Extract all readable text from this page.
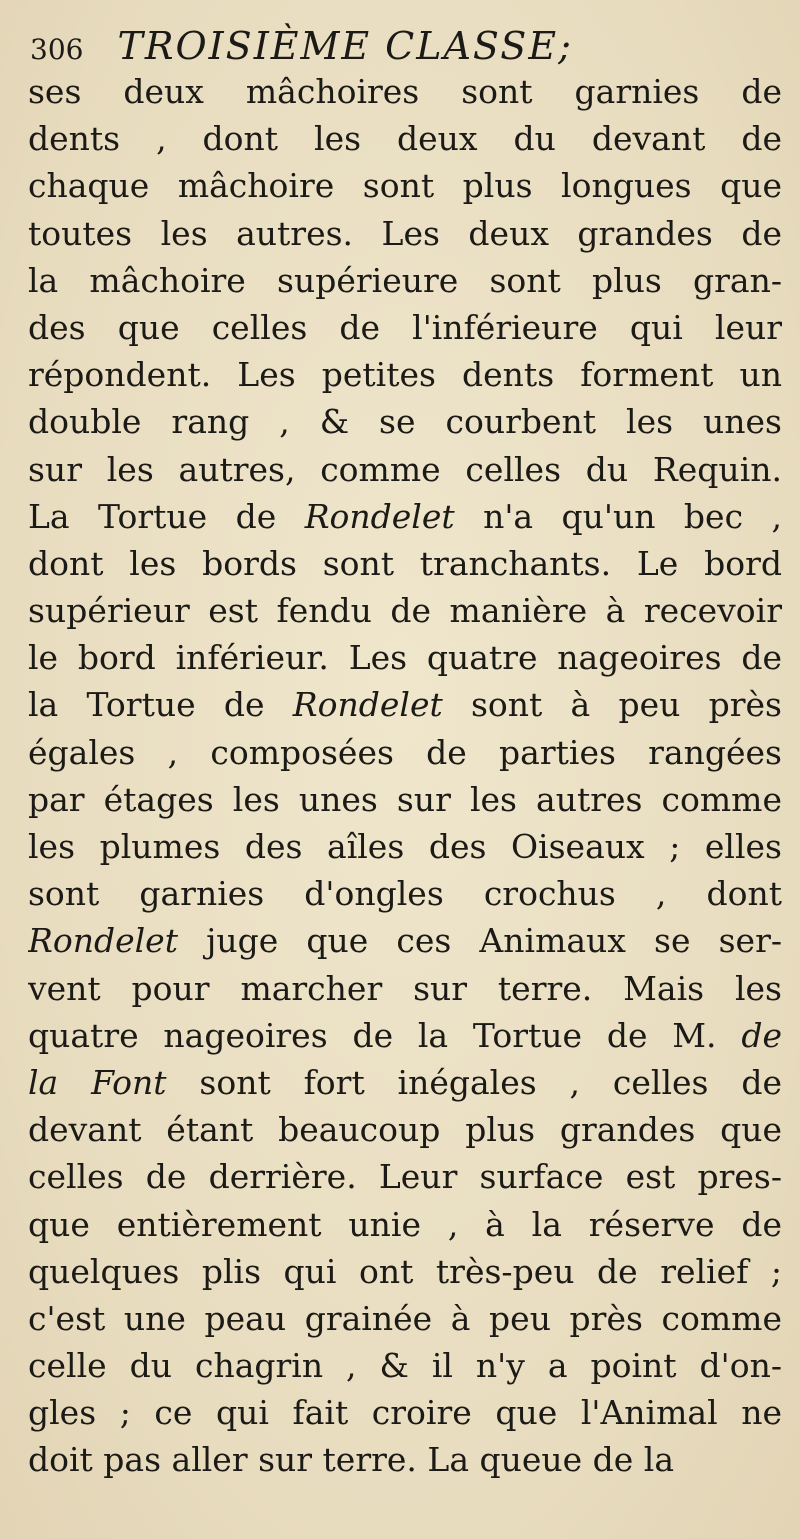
306 TROISIÈME CLASSE;
ses deux mâchoires sont garnies de
dents , dont les deux du devant de
chaque mâchoire sont plus longues que
toutes les autres. Les deux grandes de
la mâchoire supérieure sont plus gran-
des que celles de l'inférieure qui leur
répondent. Les petites dents forment un
double rang , & se courbent les unes
sur les autres, comme celles du Requin.
La Tortue de Rondelet n'a qu'un bec ,
dont les bords sont tranchants. Le bord
supérieur est fendu de manière à recevoir
le bord inférieur. Les quatre nageoires de
la Tortue de Rondelet sont à peu près
égales , composées de parties rangées
par étages les unes sur les autres comme
les plumes des aîles des Oiseaux ; elles
sont garnies d'ongles crochus , dont
Rondelet juge que ces Animaux se ser-
vent pour marcher sur terre. Mais les
quatre nageoires de la Tortue de M. de
la Font sont fort inégales , celles de
devant étant beaucoup plus grandes que
celles de derrière. Leur surface est pres-
que entièrement unie , à la réserve de
quelques plis qui ont très-peu de relief ;
c'est une peau grainée à peu près comme
celle du chagrin , & il n'y a point d'on-
gles ; ce qui fait croire que l'Animal ne
doit pas aller sur terre. La queue de la
